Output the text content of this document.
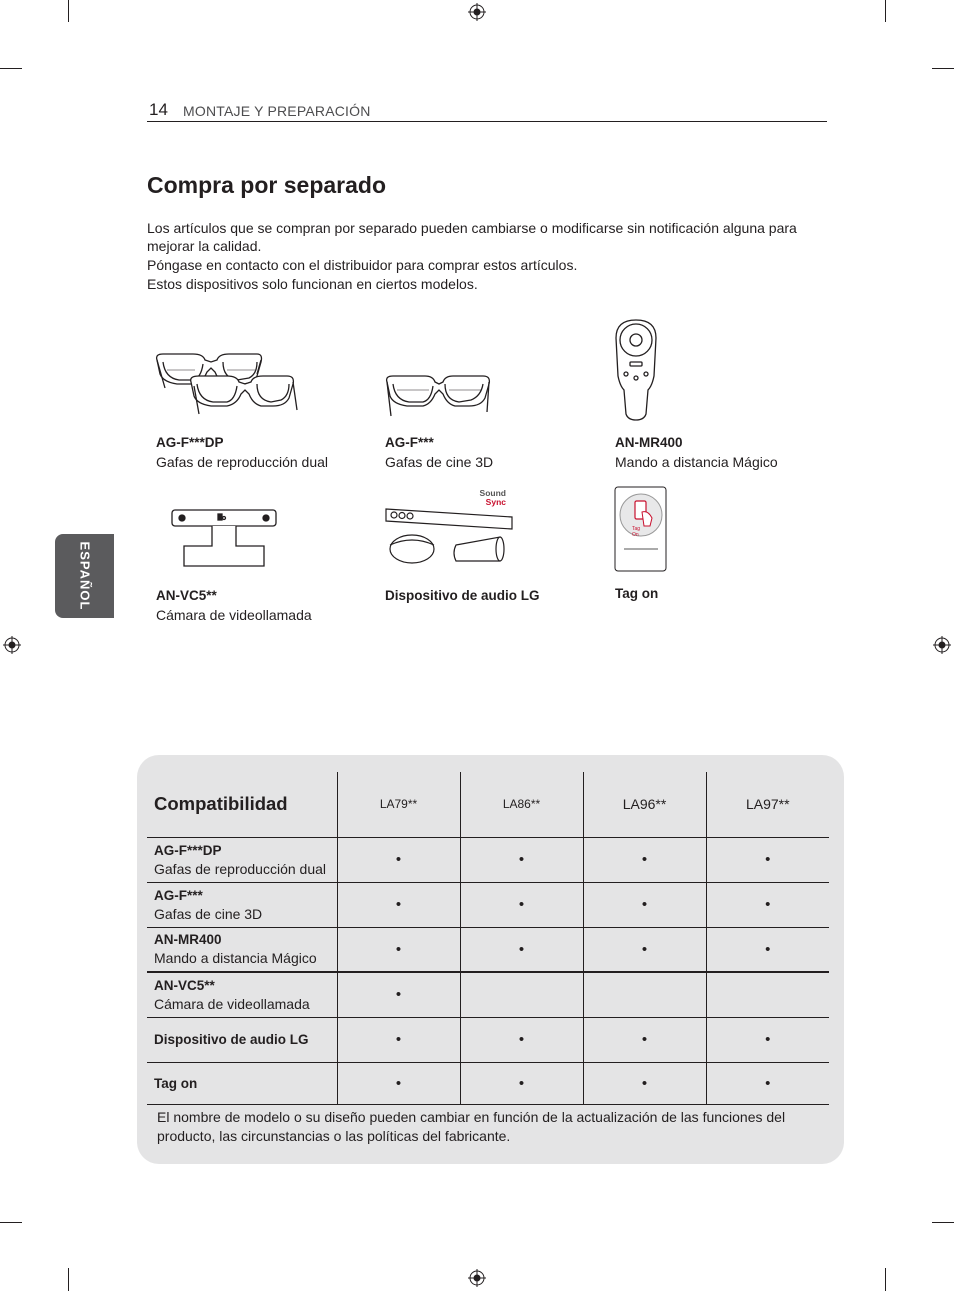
14 MONTAJE Y PREPARACIÓN
ESPAÑOL
Compra por separado

Los artículos que se compran por separado pueden cambiarse o modificarse sin notificación alguna para mejorar la calidad.

Póngase en contacto con el distribuidor para comprar estos artículos.

Estos dispositivos solo funcionan en ciertos modelos.

AG-F***DP
Gafas de reproducción dual
AG-F***
Gafas de cine 3D
AN-MR400
Mando a distancia Mágico
AN-VC5**
Cámara de videollamada
Sound
Sync
Dispositivo de audio LG
Tag On
Tag on
Compatibilidad	LA79**	LA86**	LA96**	LA97**

AG-F***DP
Gafas de reproducción dual	•	•	•	•

AG-F***
Gafas de cine 3D	•	•	•	•

AN-MR400
Mando a distancia Mágico	•	•	•	•

AN-VC5**
Cámara de videollamada	•			

Dispositivo de audio LG	•	•	•	•

Tag on	•	•	•	•
El nombre de modelo o su diseño pueden cambiar en función de la actualización de las funciones del producto, las circunstancias o las políticas del fabricante.
